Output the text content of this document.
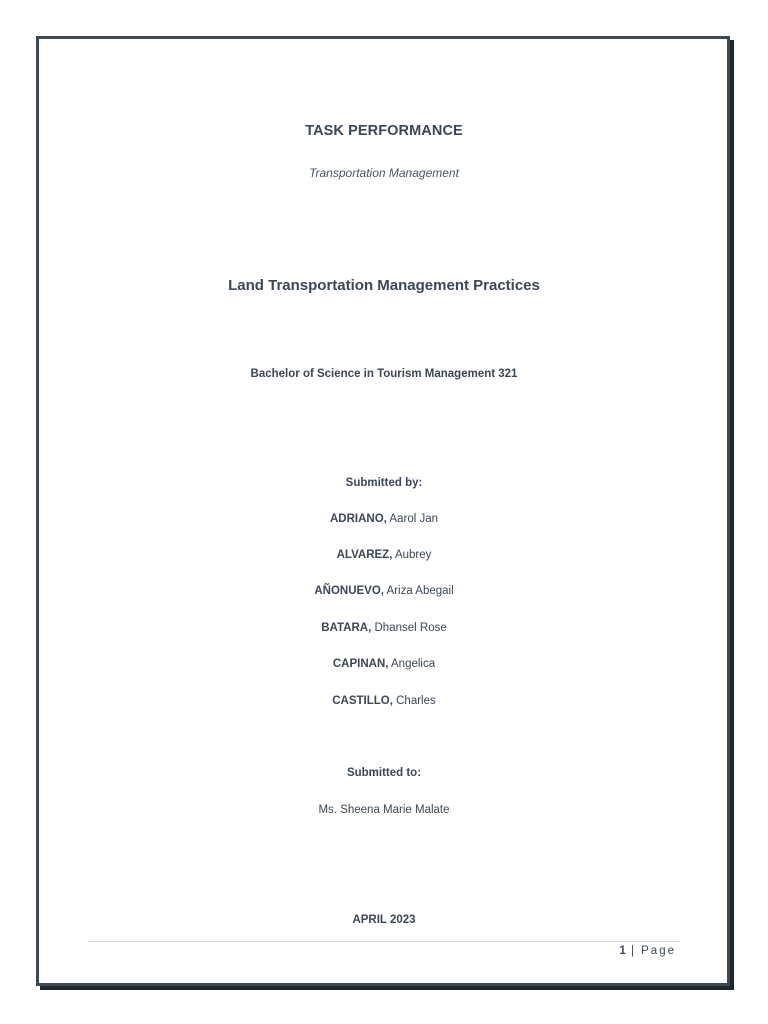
TASK PERFORMANCE
Transportation Management
Land Transportation Management Practices
Bachelor of Science in Tourism Management 321
Submitted by:
ADRIANO, Aarol Jan
ALVAREZ, Aubrey
AÑONUEVO, Ariza Abegail
BATARA, Dhansel Rose
CAPINAN, Angelica
CASTILLO, Charles
Submitted to:
Ms. Sheena Marie Malate
APRIL 2023
1 | Page
